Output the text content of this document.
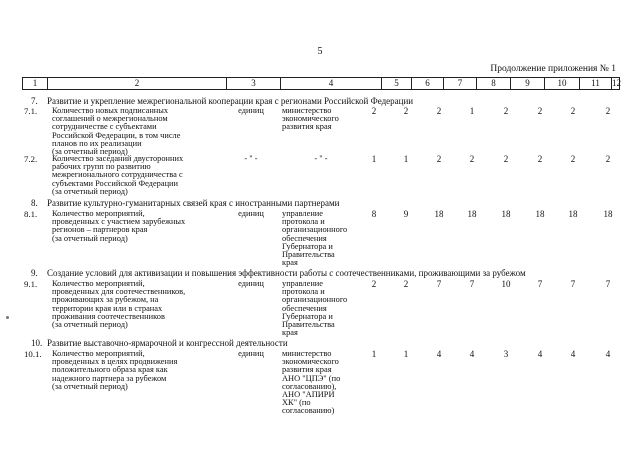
5
Продолжение приложения № 1
1	2	3	4	5	6	7	8	9	10	11	12
7. Развитие и укрепление межрегиональной кооперации края с регионами Российской Федерации
7.1. Количество новых подписанных
соглашений о межрегиональном
сотрудничестве с субъектами
Российской Федерации, в том числе
планов по их реализации
(за отчетный период)
единиц	министерство
экономического
развития края
2	2	2	1	2	2	2	2
7.2. Количество заседаний двусторонних
рабочих групп по развитию
межрегионального сотрудничества с
субъектами Российской Федерации
(за отчетный период)
- " -	- " -	1	1	2	2	2	2	2	2
8. Развитие культурно-гуманитарных связей края с иностранными партнерами
8.1. Количество мероприятий,
проведенных с участием зарубежных
регионов – партнеров края
(за отчетный период)
единиц	управление
протокола и
организационного
обеспечения
Губернатора и
Правительства
края
8	9	18	18	18	18	18	18
9. Создание условий для активизации и повышения эффективности работы с соотечественниками, проживающими за рубежом
9.1. Количество мероприятий,
проведенных для соотечественников,
проживающих за рубежом, на
территории края или в странах
проживания соотечественников
(за отчетный период)
единиц	управление
протокола и
организационного
обеспечения
Губернатора и
Правительства
края
2	2	7	7	10	7	7	7
10. Развитие выставочно-ярмарочной и конгрессной деятельности
10.1. Количество мероприятий,
проведенных в целях продвижения
положительного образа края как
надежного партнера за рубежом
(за отчетный период)
единиц	министерство
экономического
развития края
АНО "ЦПЭ" (по
согласованию),
АНО "АПИРИ
ХК" (по
согласованию)
1	1	4	4	3	4	4	4
